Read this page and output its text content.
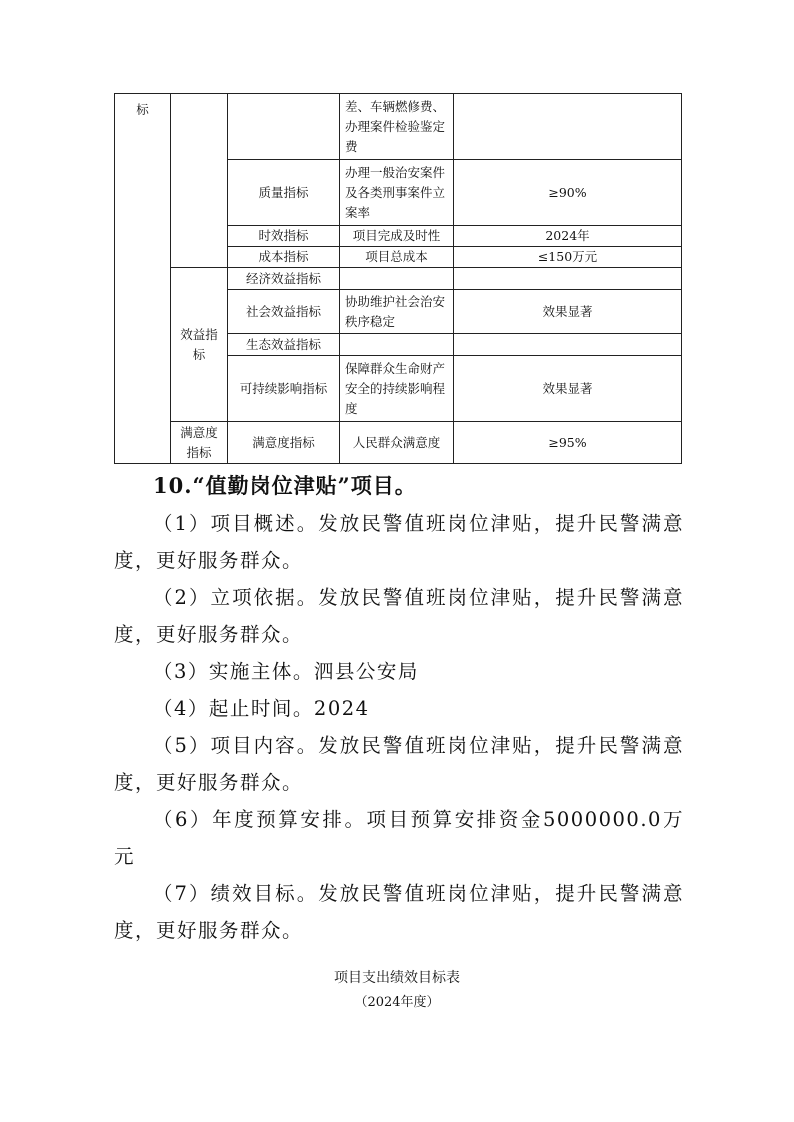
标			差、车辆燃修费、办理案件检验鉴定费	
		质量指标	办理一般治安案件及各类刑事案件立案率	≥90%
		时效指标	项目完成及时性	2024年
		成本指标	项目总成本	≤150万元
	效益指标	经济效益指标		
		社会效益指标	协助维护社会治安秩序稳定	效果显著
		生态效益指标		
		可持续影响指标	保障群众生命财产安全的持续影响程度	效果显著
	满意度指标	满意度指标	人民群众满意度	≥95%
10.“值勤岗位津贴”项目。

（1）项目概述。发放民警值班岗位津贴，提升民警满意度，更好服务群众。

（2）立项依据。发放民警值班岗位津贴，提升民警满意度，更好服务群众。

（3）实施主体。泗县公安局

（4）起止时间。2024

（5）项目内容。发放民警值班岗位津贴，提升民警满意度，更好服务群众。

（6）年度预算安排。项目预算安排资金5000000.0万元

（7）绩效目标。发放民警值班岗位津贴，提升民警满意度，更好服务群众。

项目支出绩效目标表
（2024年度）
